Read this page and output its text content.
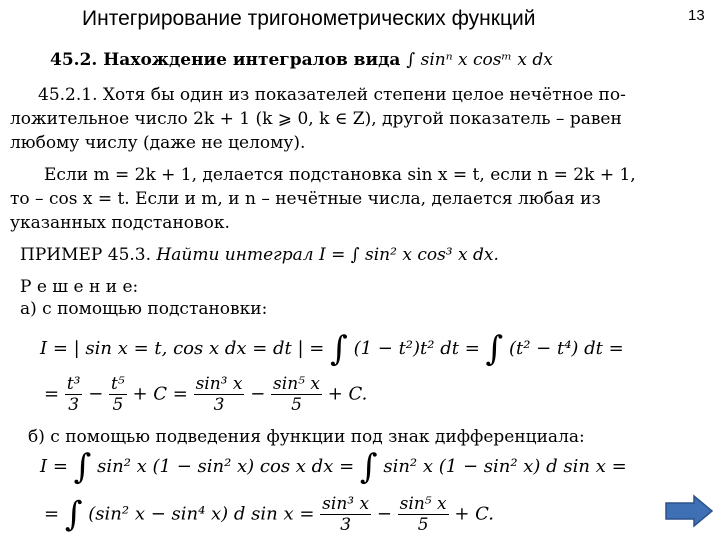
Интегрирование тригонометрических функций	13
45.2. Нахождение интегралов вида ∫ sinⁿ x cosᵐ x dx
45.2.1. Хотя бы один из показателей степени целое нечётное по-
ложительное число 2k + 1 (k ⩾ 0, k ∈ Z), другой показатель – равен
любому числу (даже не целому).
Если m = 2k + 1, делается подстановка sin x = t, если n = 2k + 1,
то – cos x = t. Если и m, и n – нечётные числа, делается любая из
указанных подстановок.
ПРИМЕР 45.3. Найти интеграл I = ∫ sin² x cos³ x dx.
Р е ш е н и е:
а) с помощью подстановки:
I = | sin x = t, cos x dx = dt | = ∫ (1 − t²)t² dt = ∫ (t² − t⁴) dt =
= $\frac{\text{t³}}{3} - \frac{\text{t⁵}}{5} + C = \frac{\text{sin³ x}}{3} - \frac{\text{sin⁵ x}}{5} + C$.
б) с помощью подведения функции под знак дифференциала:
I = ∫ sin² x (1 − sin² x) cos x dx = ∫ sin² x (1 − sin² x) d sin x =
= ∫ (sin² x − sin⁴ x) d $\sin x = \frac{\text{sin³ x}}{3} - \frac{\text{sin⁵ x}}{5} + C$.
